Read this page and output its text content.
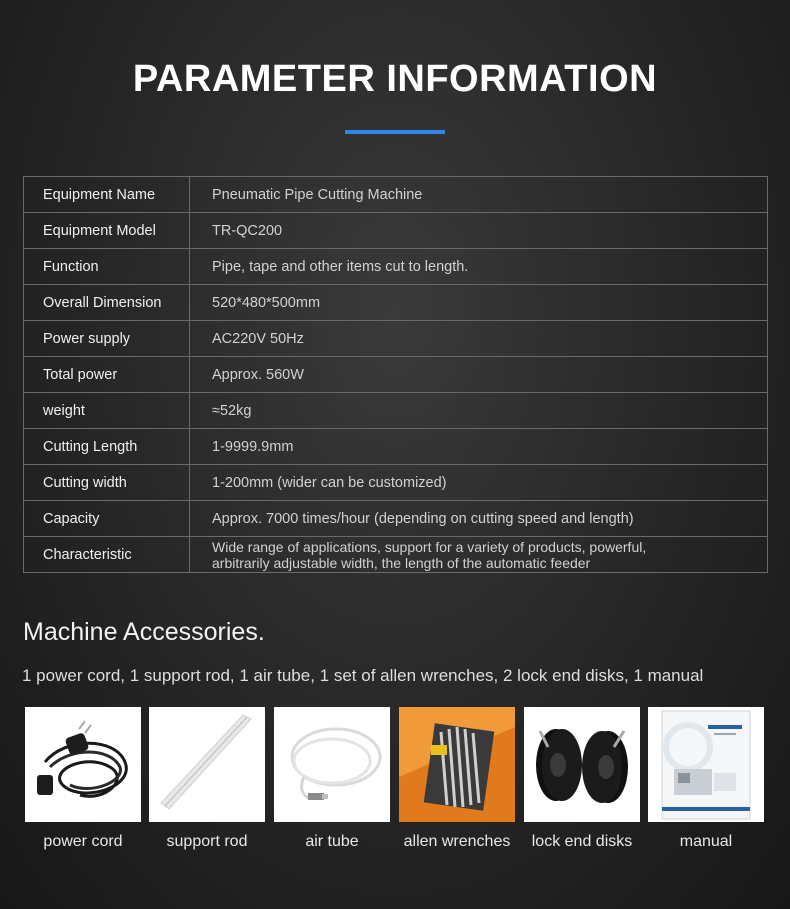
PARAMETER INFORMATION
Equipment Name	Pneumatic Pipe Cutting Machine
Equipment Model	TR-QC200
Function	Pipe, tape and other items cut to length.
Overall Dimension	520*480*500mm
Power supply	AC220V 50Hz
Total power	Approx. 560W
weight	≈52kg
Cutting Length	1-9999.9mm
Cutting width	1-200mm (wider can be customized)
Capacity	Approx. 7000 times/hour (depending on cutting speed and length)
Characteristic	Wide range of applications, support for a variety of products, powerful,
arbitrarily adjustable width, the length of the automatic feeder
Machine Accessories.
1 power cord, 1 support rod, 1 air tube, 1 set of allen wrenches, 2 lock end disks, 1 manual
power cord	support rod	air tube	allen wrenches	lock end disks	manual
